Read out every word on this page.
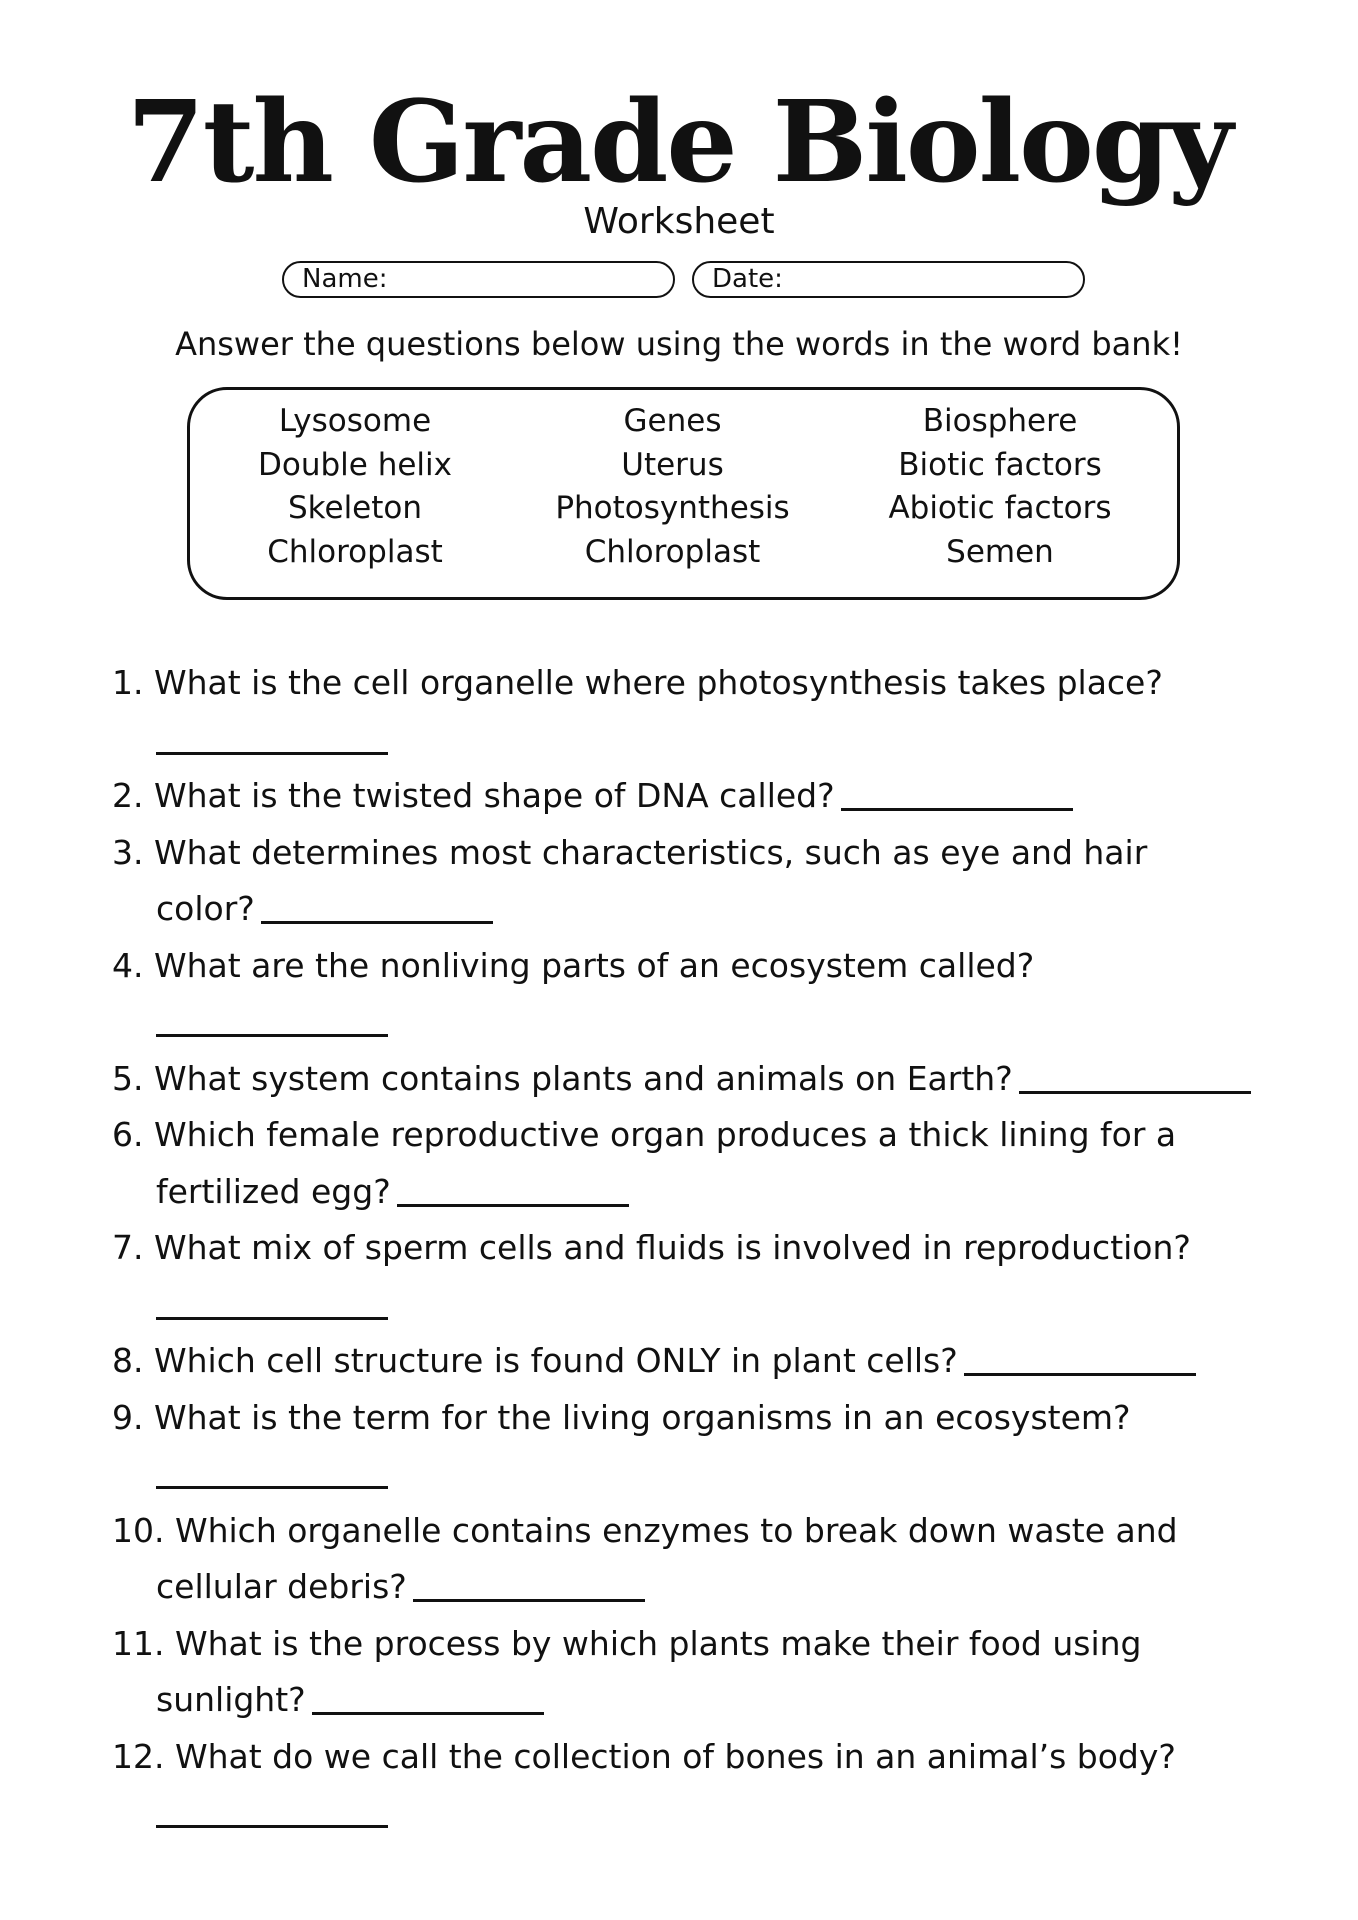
7th Grade Biology
Worksheet
Name:	Date:
Answer the questions below using the words in the word bank!
Lysosome
Double helix
Skeleton
Chloroplast
Genes
Uterus
Photosynthesis
Chloroplast
Biosphere
Biotic factors
Abiotic factors
Semen
1. What is the cell organelle where photosynthesis takes place?
2. What is the twisted shape of DNA called?
3. What determines most characteristics, such as eye and hair
color?
4. What are the nonliving parts of an ecosystem called?
5. What system contains plants and animals on Earth?
6. Which female reproductive organ produces a thick lining for a
fertilized egg?
7. What mix of sperm cells and fluids is involved in reproduction?
8. Which cell structure is found ONLY in plant cells?
9. What is the term for the living organisms in an ecosystem?
10. Which organelle contains enzymes to break down waste and
cellular debris?
11. What is the process by which plants make their food using
sunlight?
12. What do we call the collection of bones in an animal’s body?
